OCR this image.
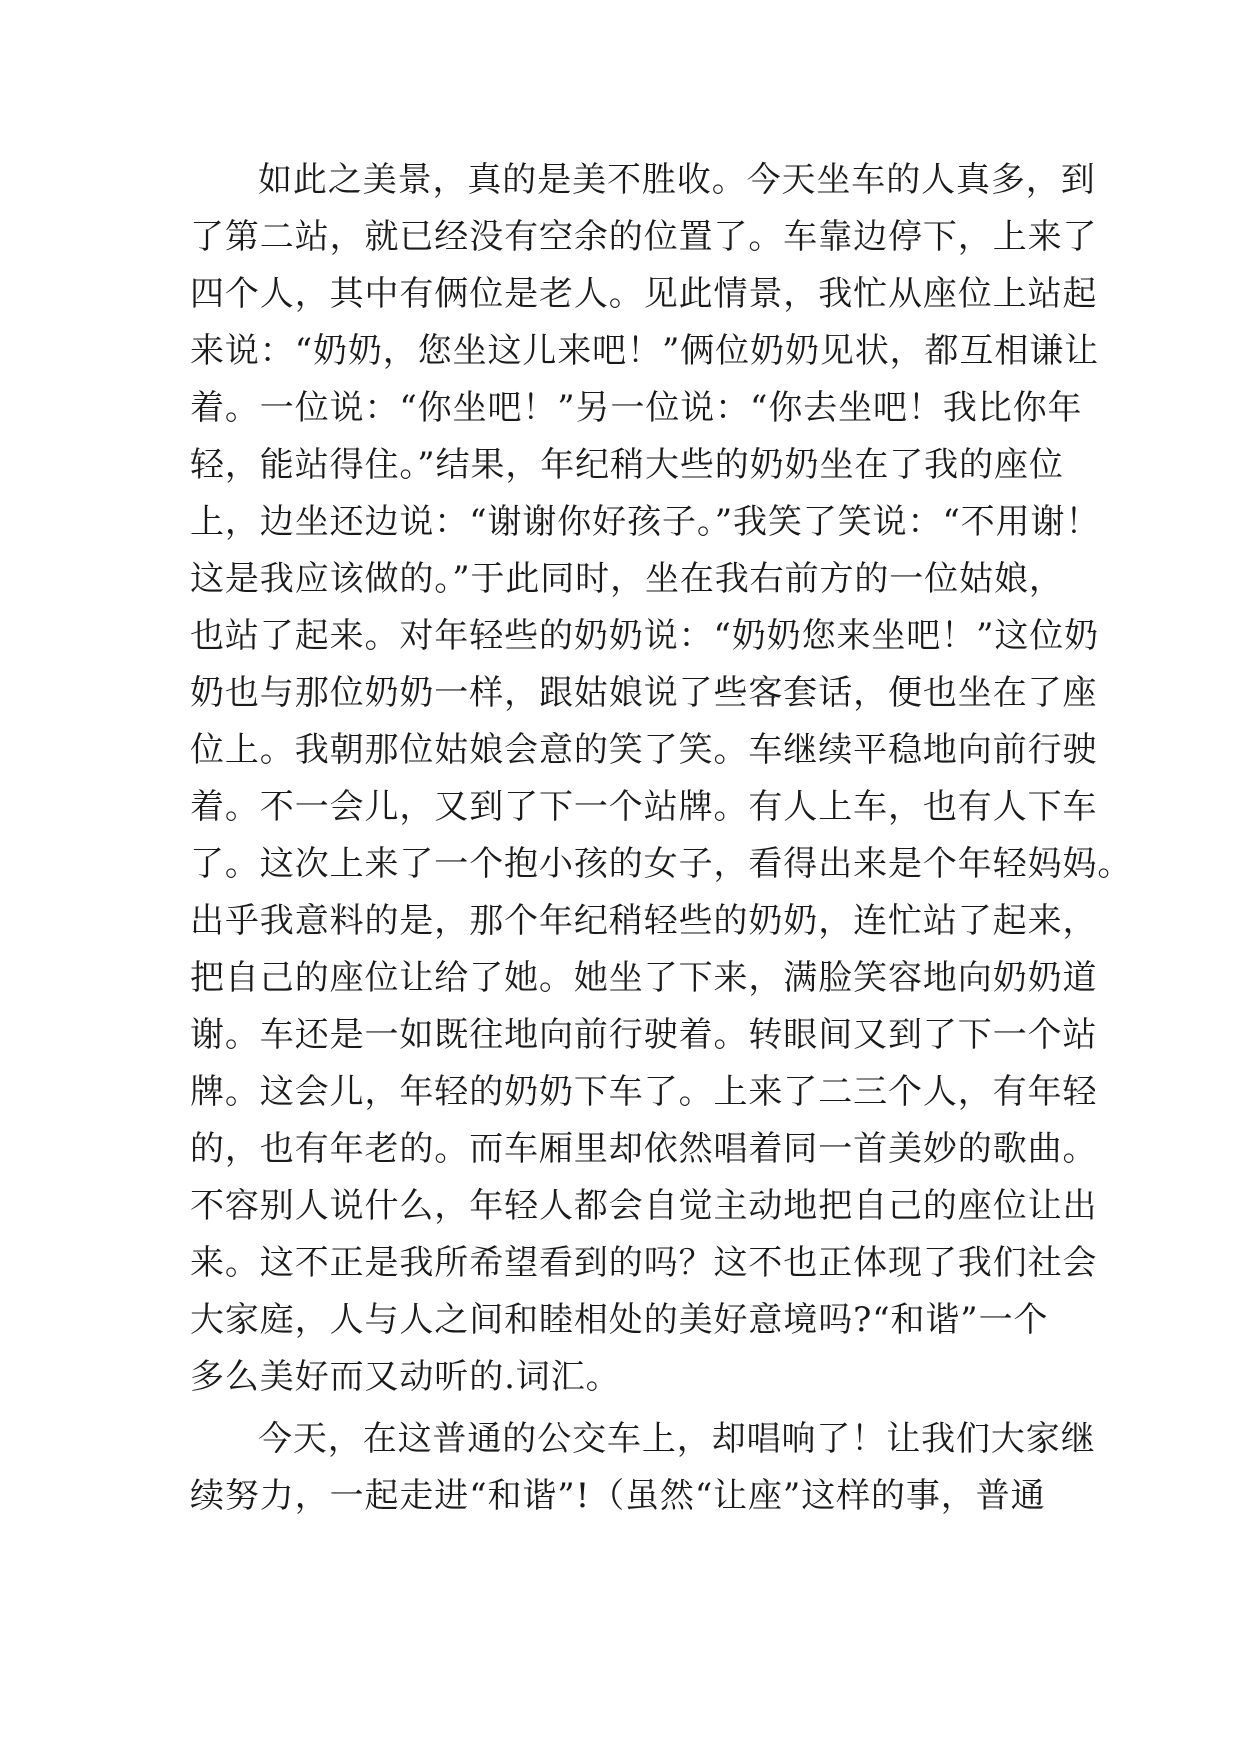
如此之美景，真的是美不胜收。今天坐车的人真多，到
了第二站，就已经没有空余的位置了。车靠边停下，上来了
四个人，其中有俩位是老人。见此情景，我忙从座位上站起
来说：“奶奶，您坐这儿来吧！”俩位奶奶见状，都互相谦让
着。一位说：“你坐吧！”另一位说：“你去坐吧！我比你年
轻，能站得住。”结果，年纪稍大些的奶奶坐在了我的座位
上，边坐还边说：“谢谢你好孩子。”我笑了笑说：“不用谢！
这是我应该做的。”于此同时，坐在我右前方的一位姑娘，
也站了起来。对年轻些的奶奶说：“奶奶您来坐吧！”这位奶
奶也与那位奶奶一样，跟姑娘说了些客套话，便也坐在了座
位上。我朝那位姑娘会意的笑了笑。车继续平稳地向前行驶
着。不一会儿，又到了下一个站牌。有人上车，也有人下车
了。这次上来了一个抱小孩的女子，看得出来是个年轻妈妈。
出乎我意料的是，那个年纪稍轻些的奶奶，连忙站了起来，
把自己的座位让给了她。她坐了下来，满脸笑容地向奶奶道
谢。车还是一如既往地向前行驶着。转眼间又到了下一个站
牌。这会儿，年轻的奶奶下车了。上来了二三个人，有年轻
的，也有年老的。而车厢里却依然唱着同一首美妙的歌曲。
不容别人说什么，年轻人都会自觉主动地把自己的座位让出
来。这不正是我所希望看到的吗？这不也正体现了我们社会
大家庭，人与人之间和睦相处的美好意境吗?“和谐”一个
多么美好而又动听的.词汇。
今天，在这普通的公交车上，却唱响了！让我们大家继
续努力，一起走进“和谐”!（虽然“让座”这样的事，普通
